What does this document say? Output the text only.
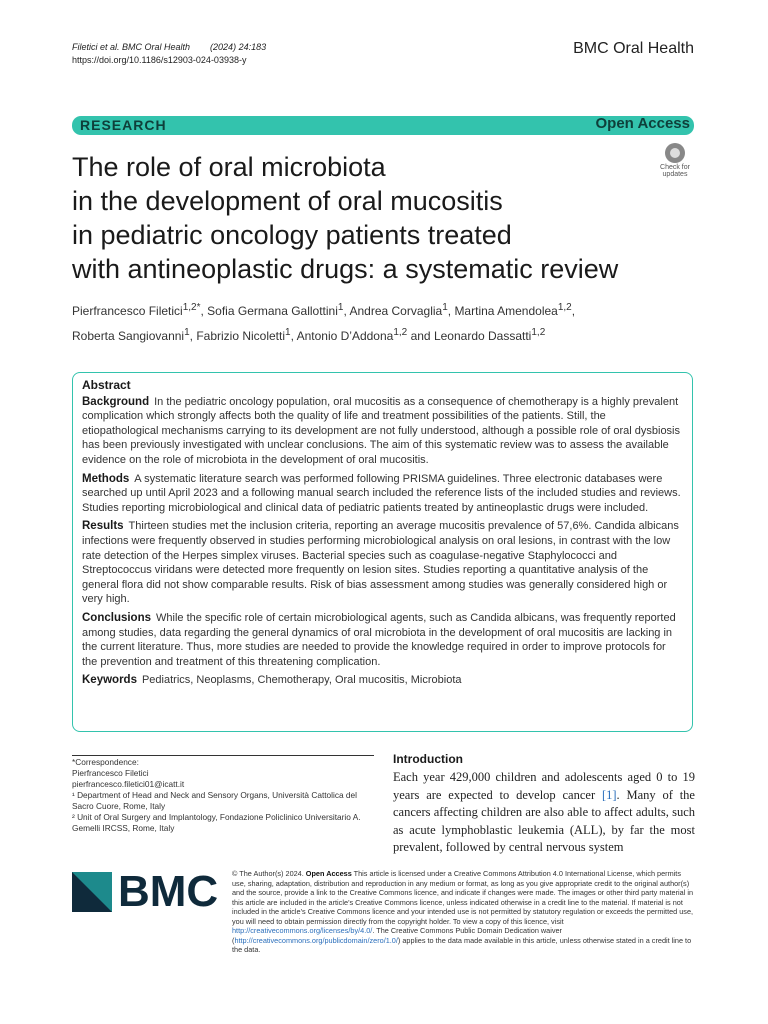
Filetici et al. BMC Oral Health (2024) 24:183
https://doi.org/10.1186/s12903-024-03938-y
BMC Oral Health
RESEARCH	Open Access
Check for
updates
The role of oral microbiota
in the development of oral mucositis
in pediatric oncology patients treated
with antineoplastic drugs: a systematic review
Pierfrancesco Filetici$^{1,2*}$, Sofia Germana Gallottini$^1$, Andrea Corvaglia$^1$, Martina Amendolea$^{1,2}$,
Roberta Sangiovanni$^1$, Fabrizio Nicoletti$^1$, Antonio D’Addona$^{1,2}$ and Leonardo Dassatti$^{1,2}$
Abstract

Background In the pediatric oncology population, oral mucositis as a consequence of chemotherapy is a highly prevalent complication which strongly affects both the quality of life and treatment possibilities of the patients. Still, the etiopathological mechanisms carrying to its development are not fully understood, although a possible role of oral dysbiosis has been previously investigated with unclear conclusions. The aim of this systematic review was to assess the available evidence on the role of microbiota in the development of oral mucositis.

Methods A systematic literature search was performed following PRISMA guidelines. Three electronic databases were searched up until April 2023 and a following manual search included the reference lists of the included studies and reviews. Studies reporting microbiological and clinical data of pediatric patients treated by antineoplastic drugs were included.

Results Thirteen studies met the inclusion criteria, reporting an average mucositis prevalence of 57,6%. Candida albicans infections were frequently observed in studies performing microbiological analysis on oral lesions, in contrast with the low rate detection of the Herpes simplex viruses. Bacterial species such as coagulase-negative Staphylococci and Streptococcus viridans were detected more frequently on lesion sites. Studies reporting a quantitative analysis of the general flora did not show comparable results. Risk of bias assessment among studies was generally considered high or very high.

Conclusions While the specific role of certain microbiological agents, such as Candida albicans, was frequently reported among studies, data regarding the general dynamics of oral microbiota in the development of oral mucositis are lacking in the current literature. Thus, more studies are needed to provide the knowledge required in order to improve protocols for the prevention and treatment of this threatening complication.

Keywords Pediatrics, Neoplasms, Chemotherapy, Oral mucositis, Microbiota

*Correspondence:
Pierfrancesco Filetici
pierfrancesco.filetici01@icatt.it
¹ Department of Head and Neck and Sensory Organs, Università Cattolica del Sacro Cuore, Rome, Italy
² Unit of Oral Surgery and Implantology, Fondazione Policlinico Universitario A. Gemelli IRCSS, Rome, Italy
Introduction

Each year 429,000 children and adolescents aged 0 to 19 years are expected to develop cancer [1]. Many of the cancers affecting children are also able to affect adults, such as acute lymphoblastic leukemia (ALL), by far the most prevalent, followed by central nervous system

BMC © The Author(s) 2024. Open Access This article is licensed under a Creative Commons Attribution 4.0 International License, which permits use, sharing, adaptation, distribution and reproduction in any medium or format, as long as you give appropriate credit to the original author(s) and the source, provide a link to the Creative Commons licence, and indicate if changes were made. The images or other third party material in this article are included in the article’s Creative Commons licence, unless indicated otherwise in a credit line to the material. If material is not included in the article’s Creative Commons licence and your intended use is not permitted by statutory regulation or exceeds the permitted use, you will need to obtain permission directly from the copyright holder. To view a copy of this licence, visit http://creativecommons.org/licenses/by/4.0/. The Creative Commons Public Domain Dedication waiver (http://creativecommons.org/publicdomain/zero/1.0/) applies to the data made available in this article, unless otherwise stated in a credit line to the data.
